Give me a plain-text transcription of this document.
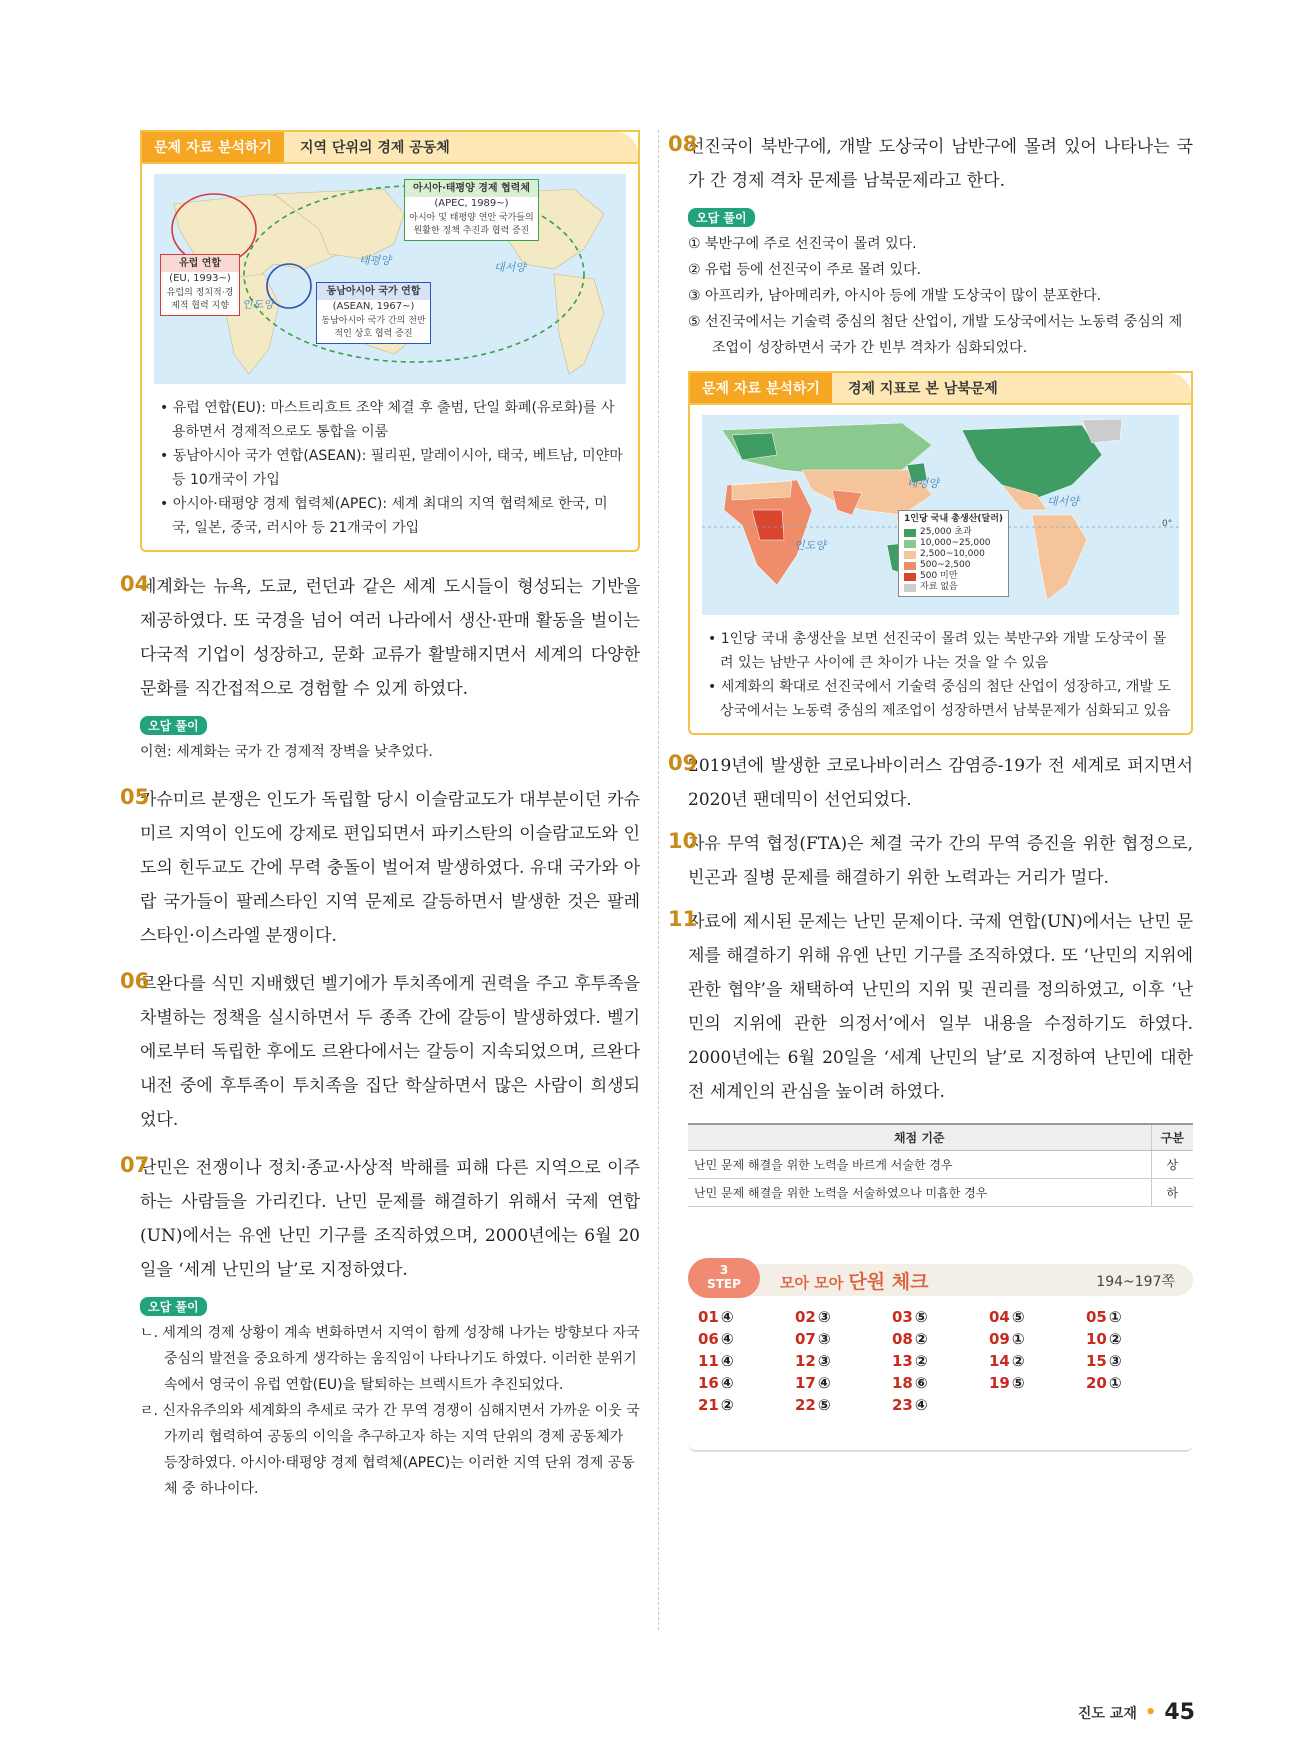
문제 자료 분석하기	지역 단위의 경제 공동체
아시아·태평양 경제 협력체
(APEC, 1989~)
아시아 및 태평양 연안 국가들의 원활한 정책 추진과 협력 증진
유럽 연합
(EU, 1993~)
유럽의 정치적·경제적 협력 지향
동남아시아 국가 연합
(ASEAN, 1967~)
동남아시아 국가 간의 전반적인 상호 협력 증진
태평양
대서양
인도양
• 유럽 연합(EU): 마스트리흐트 조약 체결 후 출범, 단일 화폐(유로화)를 사용하면서 경제적으로도 통합을 이룸
• 동남아시아 국가 연합(ASEAN): 필리핀, 말레이시아, 태국, 베트남, 미얀마 등 10개국이 가입
• 아시아·태평양 경제 협력체(APEC): 세계 최대의 지역 협력체로 한국, 미국, 일본, 중국, 러시아 등 21개국이 가입
04

세계화는 뉴욕, 도쿄, 런던과 같은 세계 도시들이 형성되는 기반을 제공하였다. 또 국경을 넘어 여러 나라에서 생산·판매 활동을 벌이는 다국적 기업이 성장하고, 문화 교류가 활발해지면서 세계의 다양한 문화를 직간접적으로 경험할 수 있게 하였다.

오답 풀이

이현: 세계화는 국가 간 경제적 장벽을 낮추었다.

05

카슈미르 분쟁은 인도가 독립할 당시 이슬람교도가 대부분이던 카슈미르 지역이 인도에 강제로 편입되면서 파키스탄의 이슬람교도와 인도의 힌두교도 간에 무력 충돌이 벌어져 발생하였다. 유대 국가와 아랍 국가들이 팔레스타인 지역 문제로 갈등하면서 발생한 것은 팔레스타인·이스라엘 분쟁이다.

06

르완다를 식민 지배했던 벨기에가 투치족에게 권력을 주고 후투족을 차별하는 정책을 실시하면서 두 종족 간에 갈등이 발생하였다. 벨기에로부터 독립한 후에도 르완다에서는 갈등이 지속되었으며, 르완다 내전 중에 후투족이 투치족을 집단 학살하면서 많은 사람이 희생되었다.

07

난민은 전쟁이나 정치·종교·사상적 박해를 피해 다른 지역으로 이주하는 사람들을 가리킨다. 난민 문제를 해결하기 위해서 국제 연합(UN)에서는 유엔 난민 기구를 조직하였으며, 2000년에는 6월 20일을 ‘세계 난민의 날’로 지정하였다.

오답 풀이
ㄴ. 세계의 경제 상황이 계속 변화하면서 지역이 함께 성장해 나가는 방향보다 자국 중심의 발전을 중요하게 생각하는 움직임이 나타나기도 하였다. 이러한 분위기 속에서 영국이 유럽 연합(EU)을 탈퇴하는 브렉시트가 추진되었다.
ㄹ. 신자유주의와 세계화의 추세로 국가 간 무역 경쟁이 심해지면서 가까운 이웃 국가끼리 협력하여 공동의 이익을 추구하고자 하는 지역 단위의 경제 공동체가 등장하였다. 아시아·태평양 경제 협력체(APEC)는 이러한 지역 단위 경제 공동체 중 하나이다.
08

선진국이 북반구에, 개발 도상국이 남반구에 몰려 있어 나타나는 국가 간 경제 격차 문제를 남북문제라고 한다.

오답 풀이
① 북반구에 주로 선진국이 몰려 있다.
② 유럽 등에 선진국이 주로 몰려 있다.
③ 아프리카, 남아메리카, 아시아 등에 개발 도상국이 많이 분포한다.
⑤ 선진국에서는 기술력 중심의 첨단 산업이, 개발 도상국에서는 노동력 중심의 제조업이 성장하면서 국가 간 빈부 격차가 심화되었다.
문제 자료 분석하기	경제 지표로 본 남북문제
태평양
대서양
인도양
0°
1인당 국내 총생산(달러)
25,000 초과
10,000~25,000
2,500~10,000
500~2,500
500 미만
자료 없음
• 1인당 국내 총생산을 보면 선진국이 몰려 있는 북반구와 개발 도상국이 몰려 있는 남반구 사이에 큰 차이가 나는 것을 알 수 있음
• 세계화의 확대로 선진국에서 기술력 중심의 첨단 산업이 성장하고, 개발 도상국에서는 노동력 중심의 제조업이 성장하면서 남북문제가 심화되고 있음
09

2019년에 발생한 코로나바이러스 감염증-19가 전 세계로 퍼지면서 2020년 팬데믹이 선언되었다.

10

자유 무역 협정(FTA)은 체결 국가 간의 무역 증진을 위한 협정으로, 빈곤과 질병 문제를 해결하기 위한 노력과는 거리가 멀다.

11

자료에 제시된 문제는 난민 문제이다. 국제 연합(UN)에서는 난민 문제를 해결하기 위해 유엔 난민 기구를 조직하였다. 또 ‘난민의 지위에 관한 협약’을 채택하여 난민의 지위 및 권리를 정의하였고, 이후 ‘난민의 지위에 관한 의정서’에서 일부 내용을 수정하기도 하였다. 2000년에는 6월 20일을 ‘세계 난민의 날’로 지정하여 난민에 대한 전 세계인의 관심을 높이려 하였다.

채점 기준	구분
난민 문제 해결을 위한 노력을 바르게 서술한 경우	상
난민 문제 해결을 위한 노력을 서술하였으나 미흡한 경우	하
3
STEP	모아 모아 단원 체크	194~197쪽
01 ④	02 ③	03 ⑤	04 ⑤	05 ①
06 ④	07 ③	08 ②	09 ①	10 ②
11 ④	12 ③	13 ②	14 ②	15 ③
16 ④	17 ④	18 ⑥	19 ⑤	20 ①
21 ②	22 ⑤	23 ④
진도 교재 • 45
